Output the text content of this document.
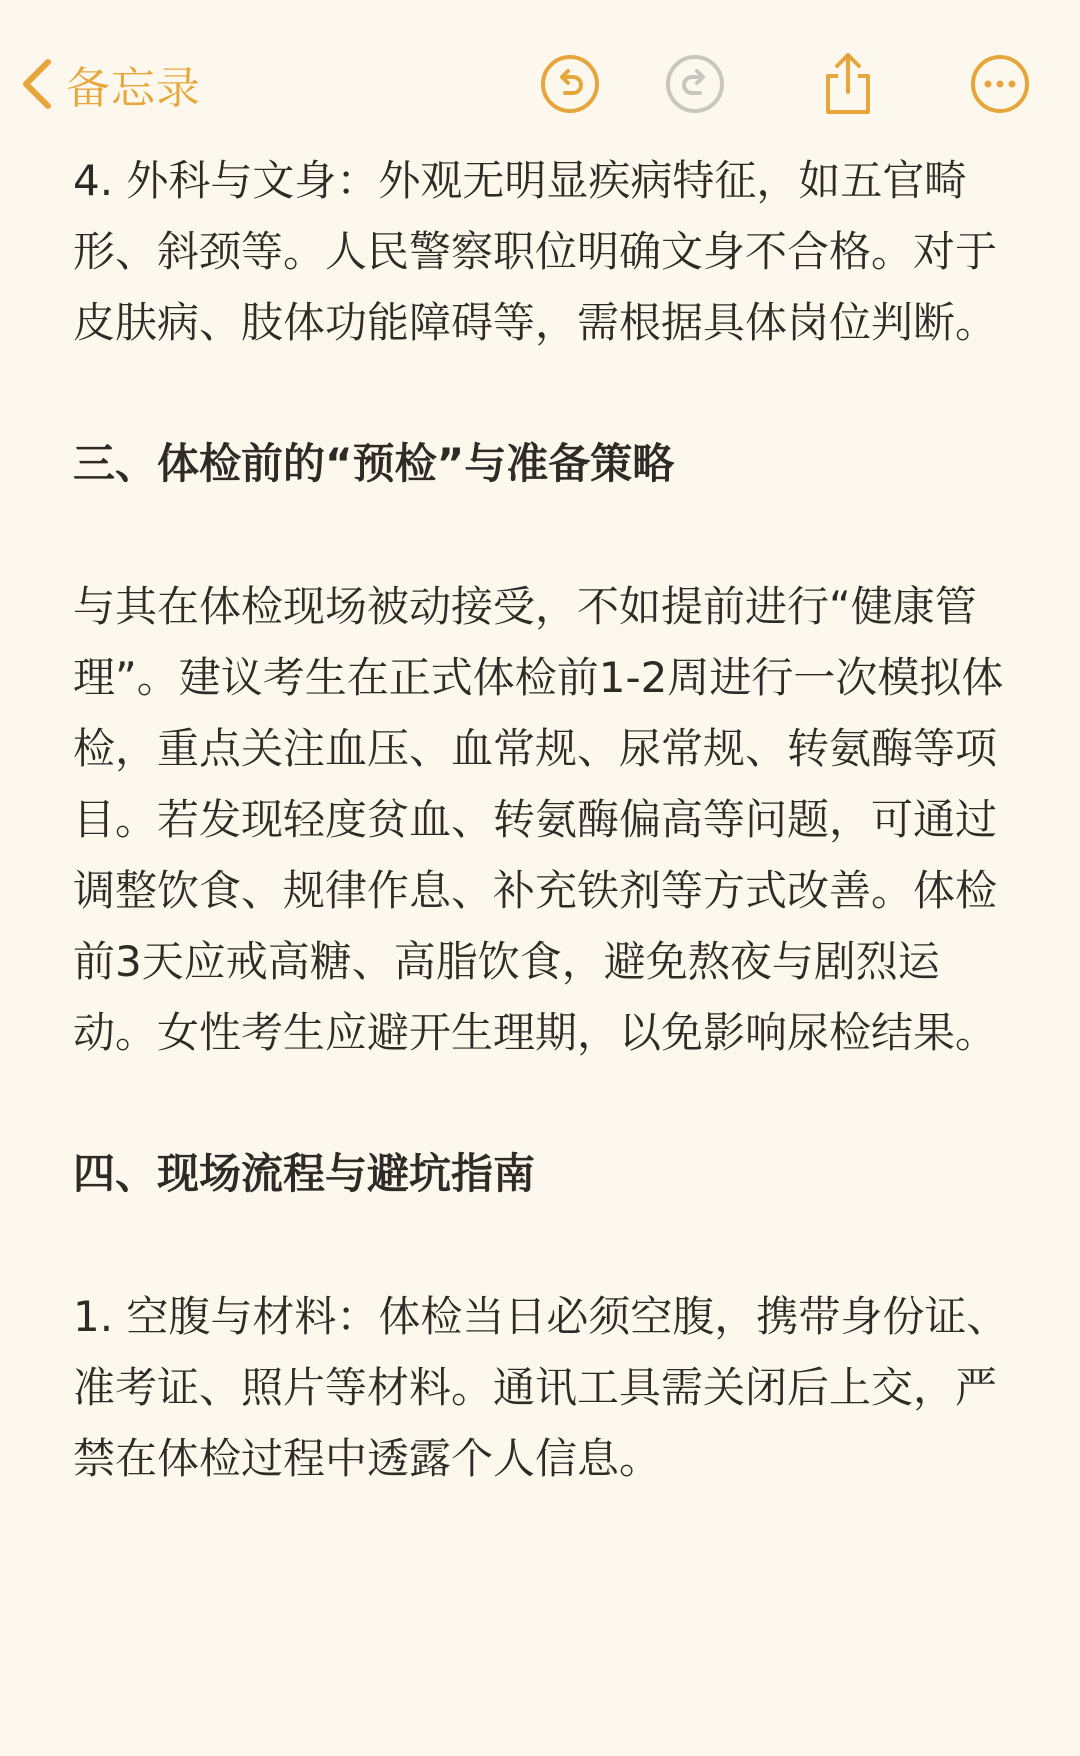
备忘录

4. 外科与文身：外观无明显疾病特征，如五官畸形、斜颈等。人民警察职位明确文身不合格。对于皮肤病、肢体功能障碍等，需根据具体岗位判断。

三、体检前的“预检”与准备策略

与其在体检现场被动接受，不如提前进行“健康管理”。建议考生在正式体检前1-2周进行一次模拟体检，重点关注血压、血常规、尿常规、转氨酶等项目。若发现轻度贫血、转氨酶偏高等问题，可通过调整饮食、规律作息、补充铁剂等方式改善。体检前3天应戒高糖、高脂饮食，避免熬夜与剧烈运动。女性考生应避开生理期，以免影响尿检结果。

四、现场流程与避坑指南

1. 空腹与材料：体检当日必须空腹，携带身份证、准考证、照片等材料。通讯工具需关闭后上交，严禁在体检过程中透露个人信息。
